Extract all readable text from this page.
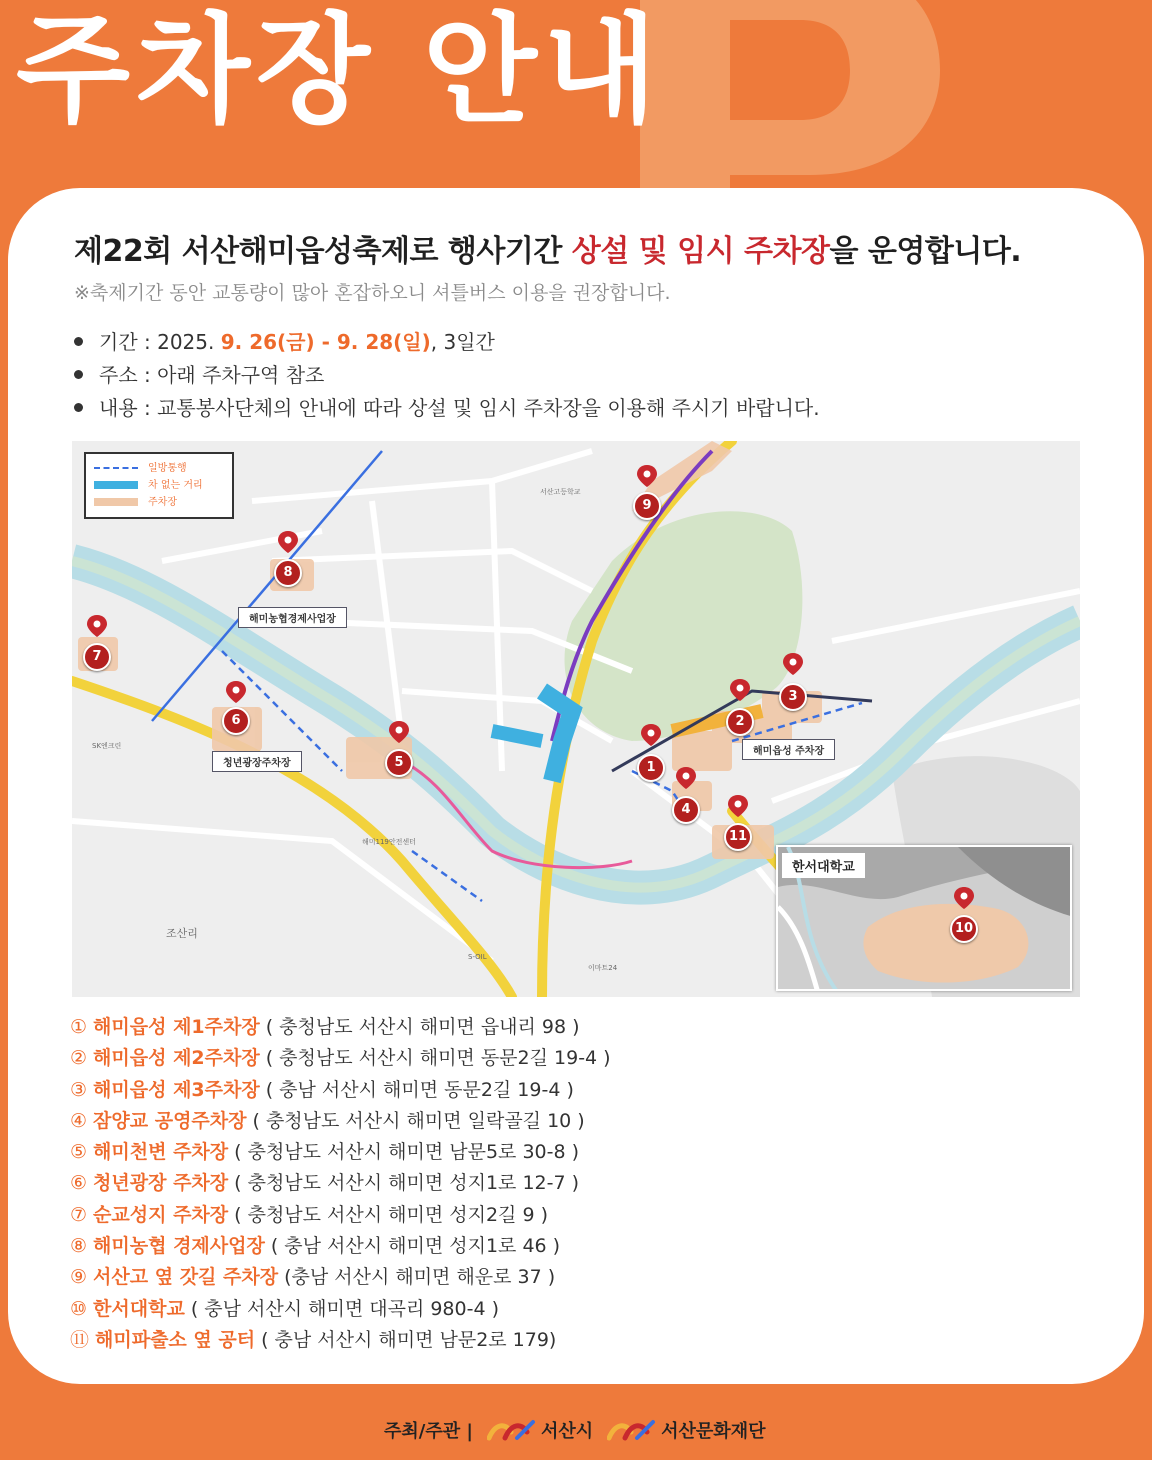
주차장 안내
제22회 서산해미읍성축제로 행사기간 상설 및 임시 주차장을 운영합니다.
※축제기간 동안 교통량이 많아 혼잡하오니 셔틀버스 이용을 권장합니다.
기간 : 2025. 9. 26(금) - 9. 28(일), 3일간
주소 : 아래 주차구역 참조
내용 : 교통봉사단체의 안내에 따라 상설 및 임시 주차장을 이용해 주시기 바랍니다.
일방통행
차 없는 거리
주차장
해미농협경제사업장
청년광장주차장
해미읍성 주차장
조산리
SK엔크린
S-OIL
이마트24
서산고등학교
해미119안전센터
1
2
3
4
5
6
7
8
9
11
한서대학교
10
① 해미읍성 제1주차장 ( 충청남도 서산시 해미면 읍내리 98 )
② 해미읍성 제2주차장 ( 충청남도 서산시 해미면 동문2길 19-4 )
③ 해미읍성 제3주차장 ( 충남 서산시 해미면 동문2길 19-4 )
④ 잠양교 공영주차장 ( 충청남도 서산시 해미면 일락골길 10 )
⑤ 해미천변 주차장 ( 충청남도 서산시 해미면 남문5로 30-8 )
⑥ 청년광장 주차장 ( 충청남도 서산시 해미면 성지1로 12-7 )
⑦ 순교성지 주차장 ( 충청남도 서산시 해미면 성지2길 9 )
⑧ 해미농협 경제사업장 ( 충남 서산시 해미면 성지1로 46 )
⑨ 서산고 옆 갓길 주차장 (충남 서산시 해미면 해운로 37 )
⑩ 한서대학교 ( 충남 서산시 해미면 대곡리 980-4 )
⑪ 해미파출소 옆 공터 ( 충남 서산시 해미면 남문2로 179)
주최/주관 |	서산시	서산문화재단
